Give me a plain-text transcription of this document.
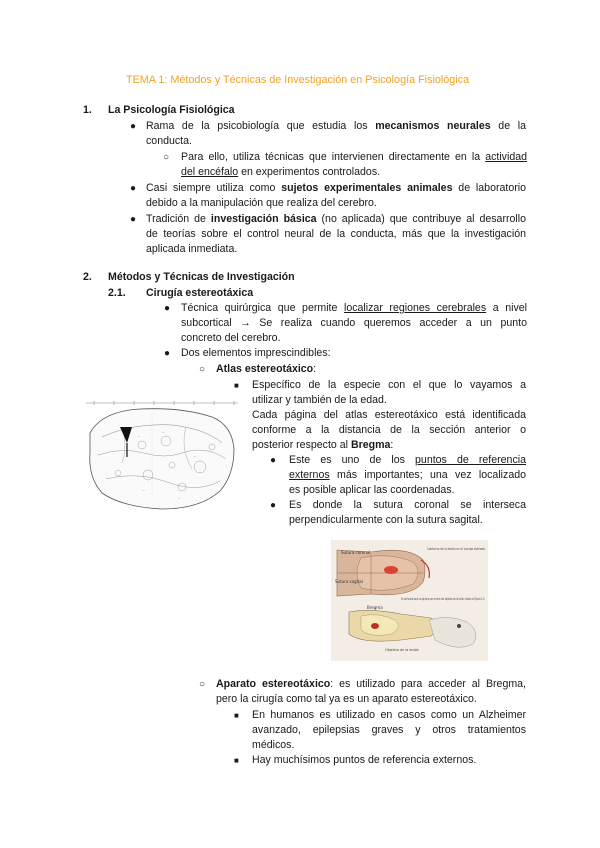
TEMA 1: Métodos y Técnicas de Investigación en Psicología Fisiológica
1. La Psicología Fisiológica
● Rama de la psicobiología que estudia los mecanismos neurales de la
conducta.
○ Para ello, utiliza técnicas que intervienen directamente en la actividad
del encéfalo en experimentos controlados.
● Casi siempre utiliza como sujetos experimentales animales de laboratorio
debido a la manipulación que realiza del cerebro.
● Tradición de investigación básica (no aplicada) que contribuye al desarrollo
de teorías sobre el control neural de la conducta, más que la investigación
aplicada inmediata.
2. Métodos y Técnicas de Investigación
2.1. Cirugía estereotáxica
● Técnica quirúrgica que permite localizar regiones cerebrales a nivel
subcortical → Se realiza cuando queremos acceder a un punto
concreto del cerebro.
● Dos elementos imprescindibles:
○ Atlas estereotáxico:
■ Específico de la especie con el que lo vayamos a
utilizar y también de la edad.
Cada página del atlas estereotáxico está identificada
conforme a la distancia de la sección anterior o
posterior respecto al Bregma:
● Este es uno de los puntos de referencia
externos más importantes; una vez localizado
es posible aplicar las coordenadas.
● Es donde la sutura coronal se interseca
perpendicularmente con la sutura sagital.
--
---
--
---
--
Sutura coronal
Sutura sagital
Contorno de la lesión en el cuerpo estriado
Se perforará aquí un agujero por encima del objetivo de la lesión (véase la Figura 5-1)
Bregma
Objetivo de la lesión
○ Aparato estereotáxico: es utilizado para acceder al Bregma,
pero la cirugía como tal ya es un aparato estereotáxico.
■ En humanos es utilizado en casos como un Alzheimer
avanzado, epilepsias graves y otros tratamientos
médicos.
■ Hay muchísimos puntos de referencia externos.
